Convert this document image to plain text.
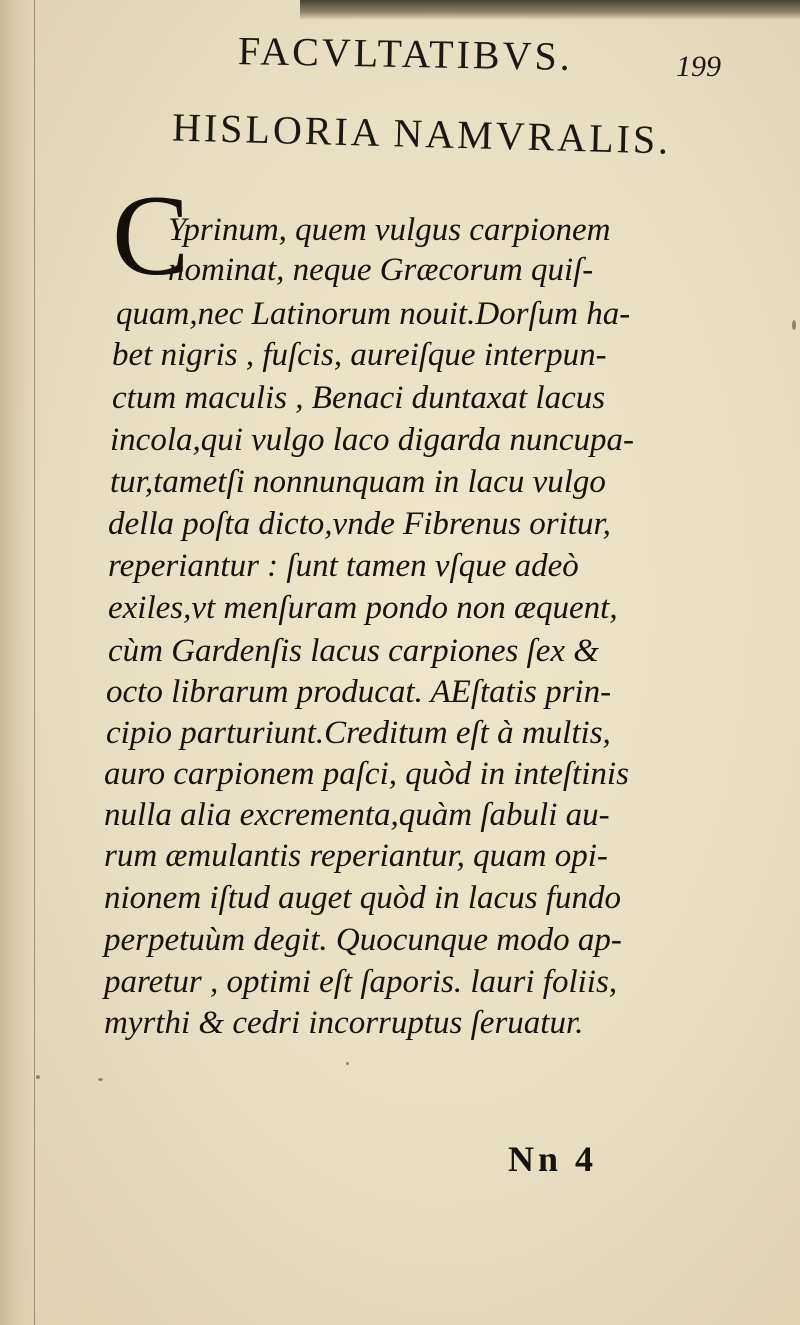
FACVLTATIBVS.	199
HISLORIA NAMVRALIS.
C
Yprinum, quem vulgus carpionem
nominat, neque Græcorum quiſ-
quam,nec Latinorum nouit.Dorſum ha-
bet nigris , fuſcis, aureiſque interpun-
ctum maculis , Benaci duntaxat lacus
incola,qui vulgo laco digarda nuncupa-
tur,tametſi nonnunquam in lacu vulgo
della poſta dicto,vnde Fibrenus oritur,
reperiantur : ſunt tamen vſque adeò
exiles,vt menſuram pondo non æquent,
cùm Gardenſis lacus carpiones ſex &
octo librarum producat. AEſtatis prin-
cipio parturiunt.Creditum eſt à multis,
auro carpionem paſci, quòd in inteſtinis
nulla alia excrementa,quàm ſabuli au-
rum æmulantis reperiantur, quam opi-
nionem iſtud auget quòd in lacus fundo
perpetuùm degit. Quocunque modo ap-
paretur , optimi eſt ſaporis. lauri foliis,
myrthi & cedri incorruptus ſeruatur.
Nn 4
